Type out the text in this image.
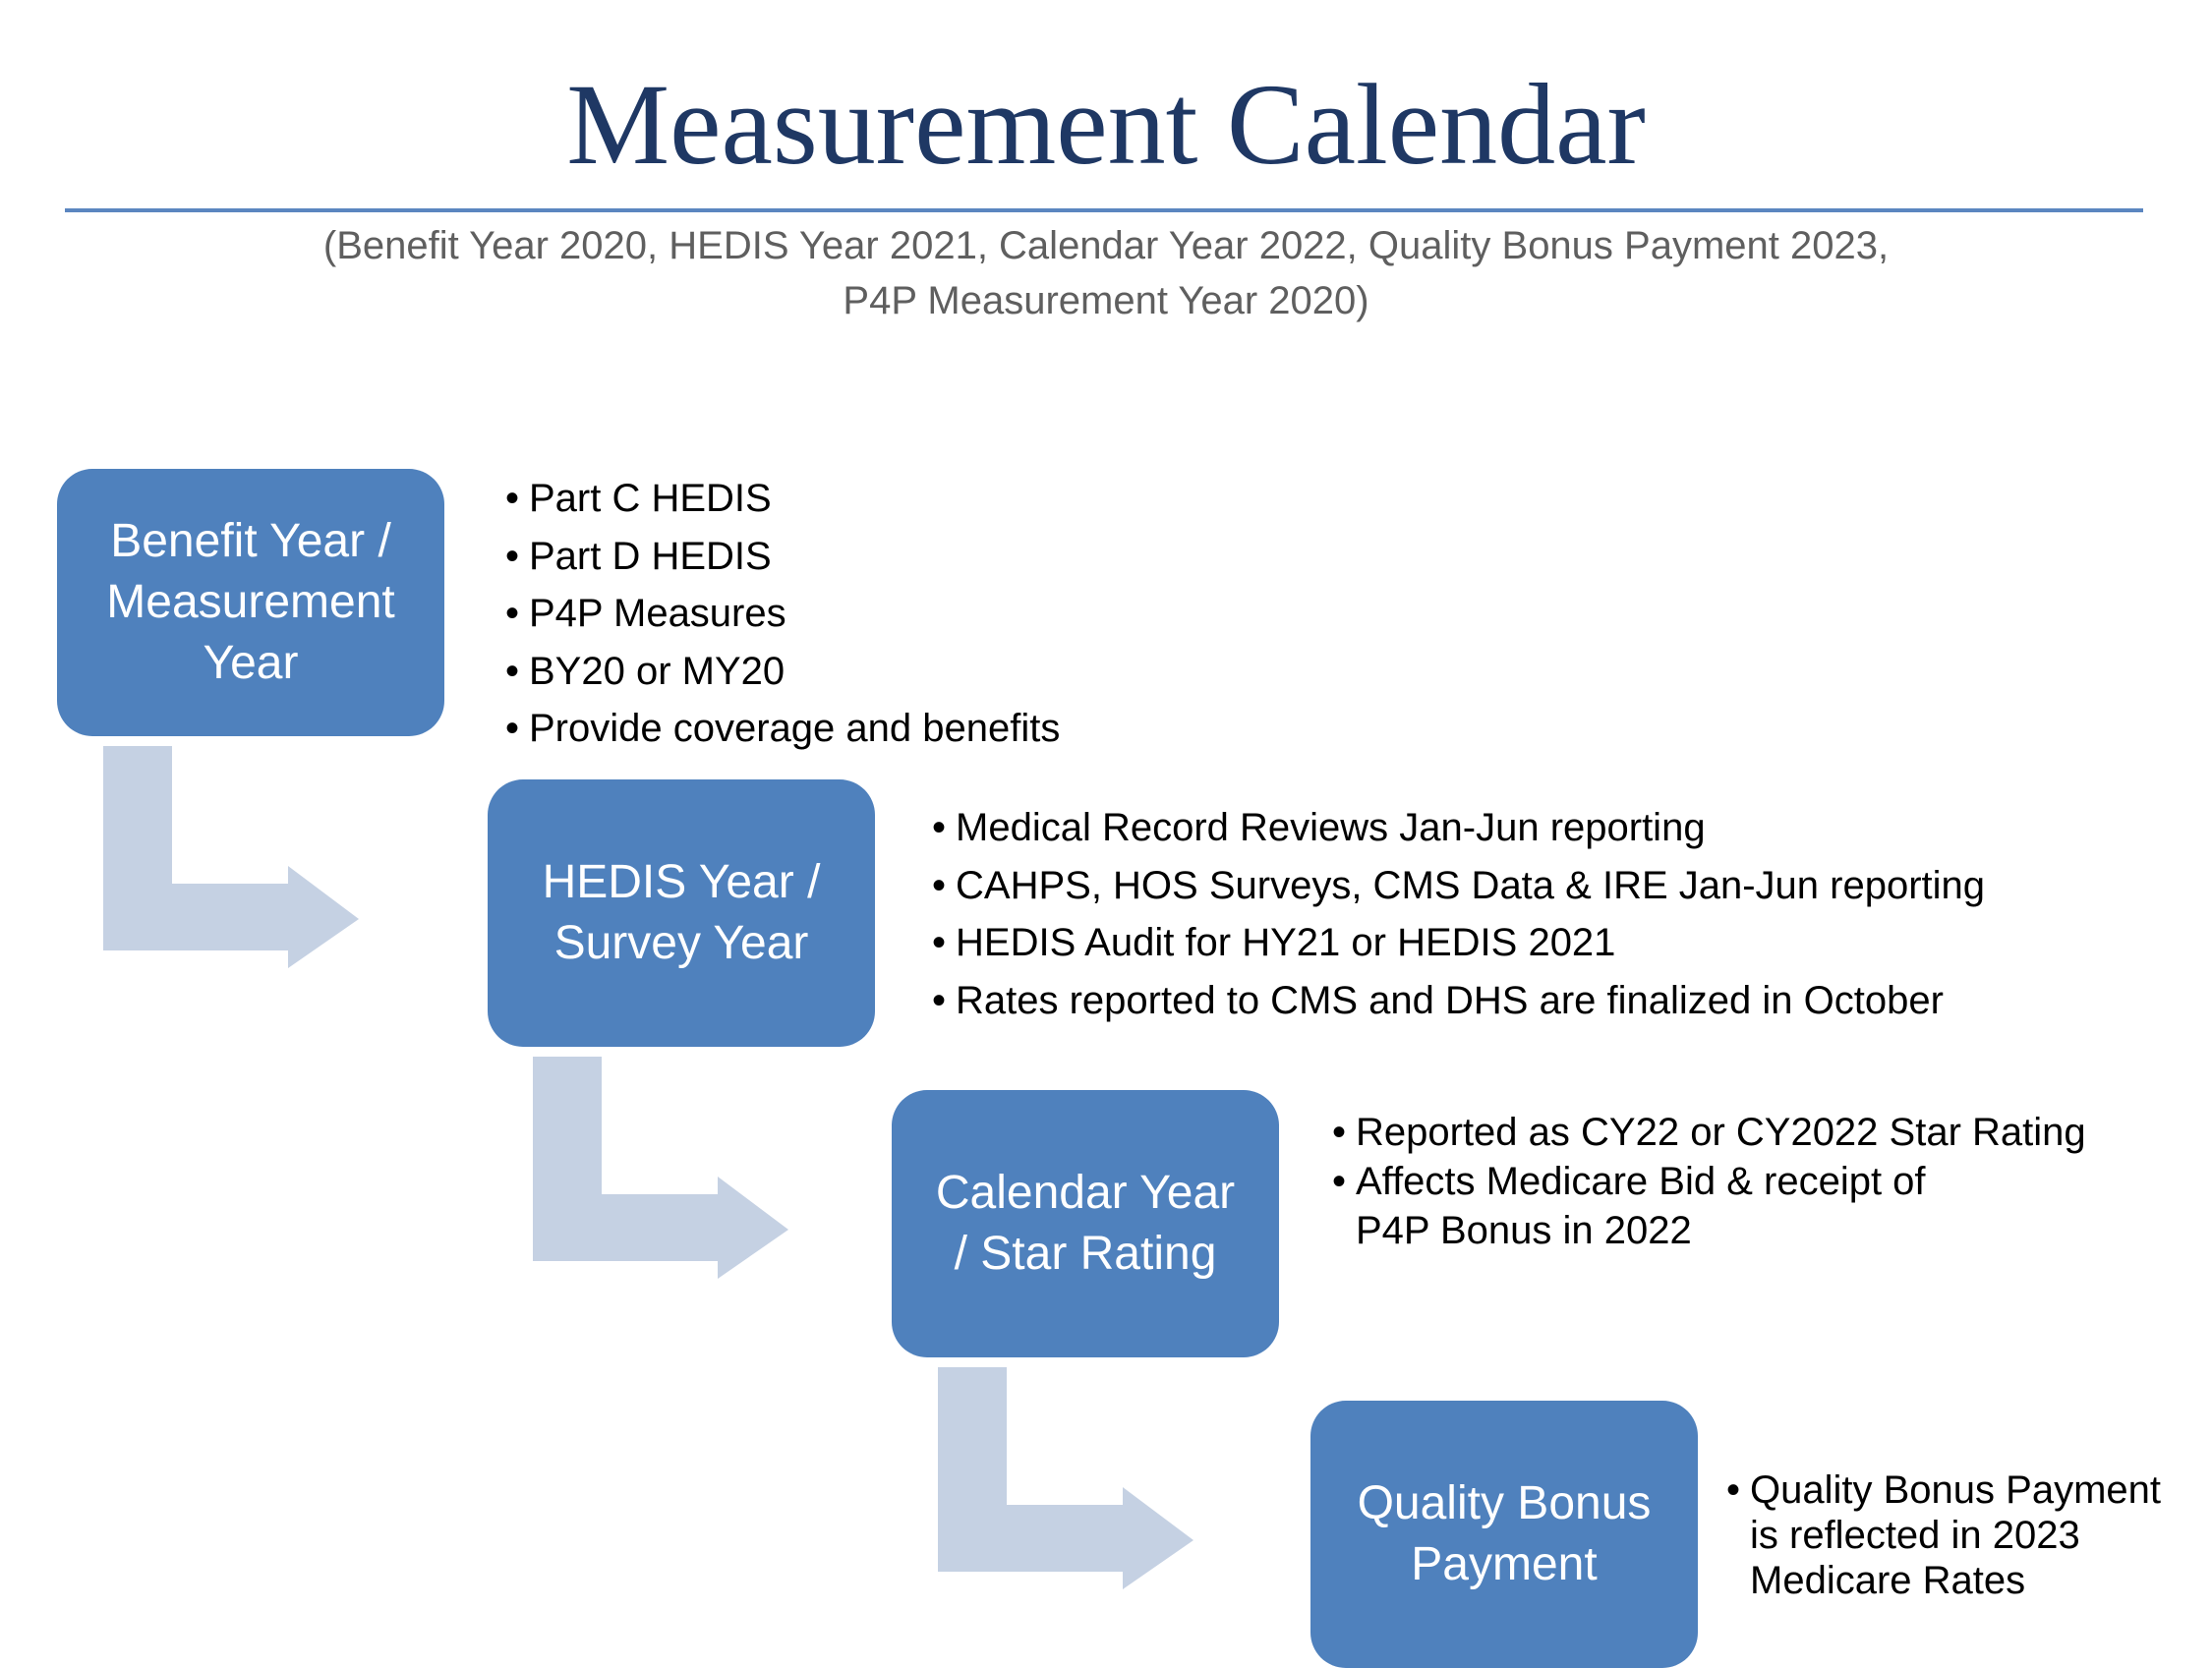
Measurement Calendar
(Benefit Year 2020, HEDIS Year 2021, Calendar Year 2022, Quality Bonus Payment 2023,
P4P Measurement Year 2020)
Benefit Year /
Measurement
Year
• Part C HEDIS
• Part D HEDIS
• P4P Measures
• BY20 or MY20
• Provide coverage and benefits
HEDIS Year /
Survey Year
• Medical Record Reviews Jan-Jun reporting
• CAHPS, HOS Surveys, CMS Data & IRE Jan-Jun reporting
• HEDIS Audit for HY21 or HEDIS 2021
• Rates reported to CMS and DHS are finalized in October
Calendar Year
/ Star Rating
• Reported as CY22 or CY2022 Star Rating
• Affects Medicare Bid & receipt of P4P Bonus in 2022
Quality Bonus
Payment
• Quality Bonus Payment is reflected in 2023 Medicare Rates
